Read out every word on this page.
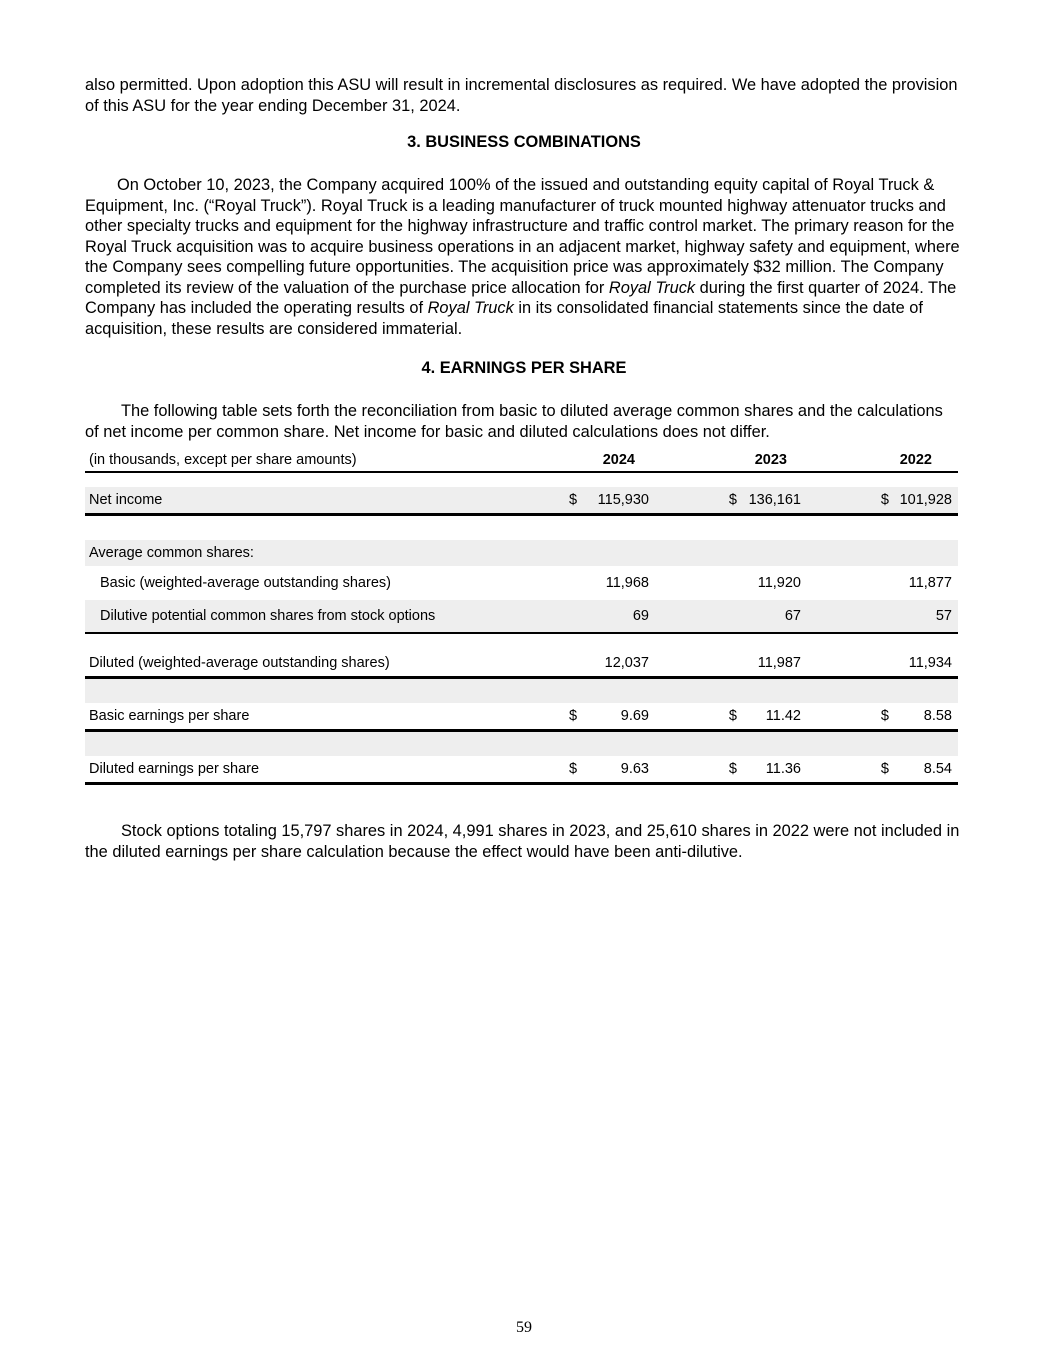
also permitted. Upon adoption this ASU will result in incremental disclosures as required. We have adopted the provision of this ASU for the year ending December 31, 2024.
3. BUSINESS COMBINATIONS
On October 10, 2023, the Company acquired 100% of the issued and outstanding equity capital of Royal Truck & Equipment, Inc. (“Royal Truck”). Royal Truck is a leading manufacturer of truck mounted highway attenuator trucks and other specialty trucks and equipment for the highway infrastructure and traffic control market. The primary reason for the Royal Truck acquisition was to acquire business operations in an adjacent market, highway safety and equipment, where the Company sees compelling future opportunities. The acquisition price was approximately $32 million. The Company completed its review of the valuation of the purchase price allocation for Royal Truck during the first quarter of 2024. The Company has included the operating results of Royal Truck in its consolidated financial statements since the date of acquisition, these results are considered immaterial.
4. EARNINGS PER SHARE
The following table sets forth the reconciliation from basic to diluted average common shares and the calculations of net income per common share. Net income for basic and diluted calculations does not differ.
(in thousands, except per share amounts)		2024		2023		2022

Net income	$	115,930	$	136,161	$	101,928

Average common shares:						
Basic (weighted-average outstanding shares)		11,968		11,920		11,877
Dilutive potential common shares from stock options		69		67		57

Diluted (weighted-average outstanding shares)		12,037		11,987		11,934

Basic earnings per share	$	9.69	$	11.42	$	8.58

Diluted earnings per share	$	9.63	$	11.36	$	8.54
Stock options totaling 15,797 shares in 2024, 4,991 shares in 2023, and 25,610 shares in 2022 were not included in the diluted earnings per share calculation because the effect would have been anti-dilutive.
59
